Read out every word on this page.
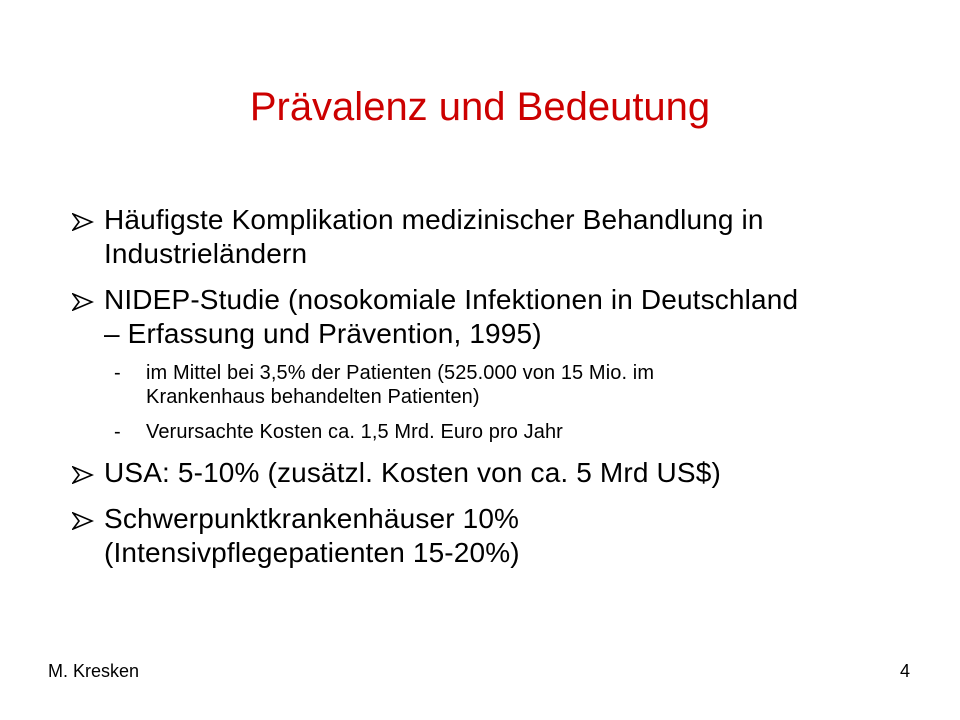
Prävalenz und Bedeutung
Häufigste Komplikation medizinischer Behandlung in
Industrieländern
NIDEP-Studie (nosokomiale Infektionen in Deutschland
– Erfassung und Prävention, 1995)
- im Mittel bei 3,5% der Patienten (525.000 von 15 Mio. im
Krankenhaus behandelten Patienten)
- Verursachte Kosten ca. 1,5 Mrd. Euro pro Jahr
USA: 5-10% (zusätzl. Kosten von ca. 5 Mrd US$)
Schwerpunktkrankenhäuser 10%
(Intensivpflegepatienten 15-20%)
M. Kresken	4
